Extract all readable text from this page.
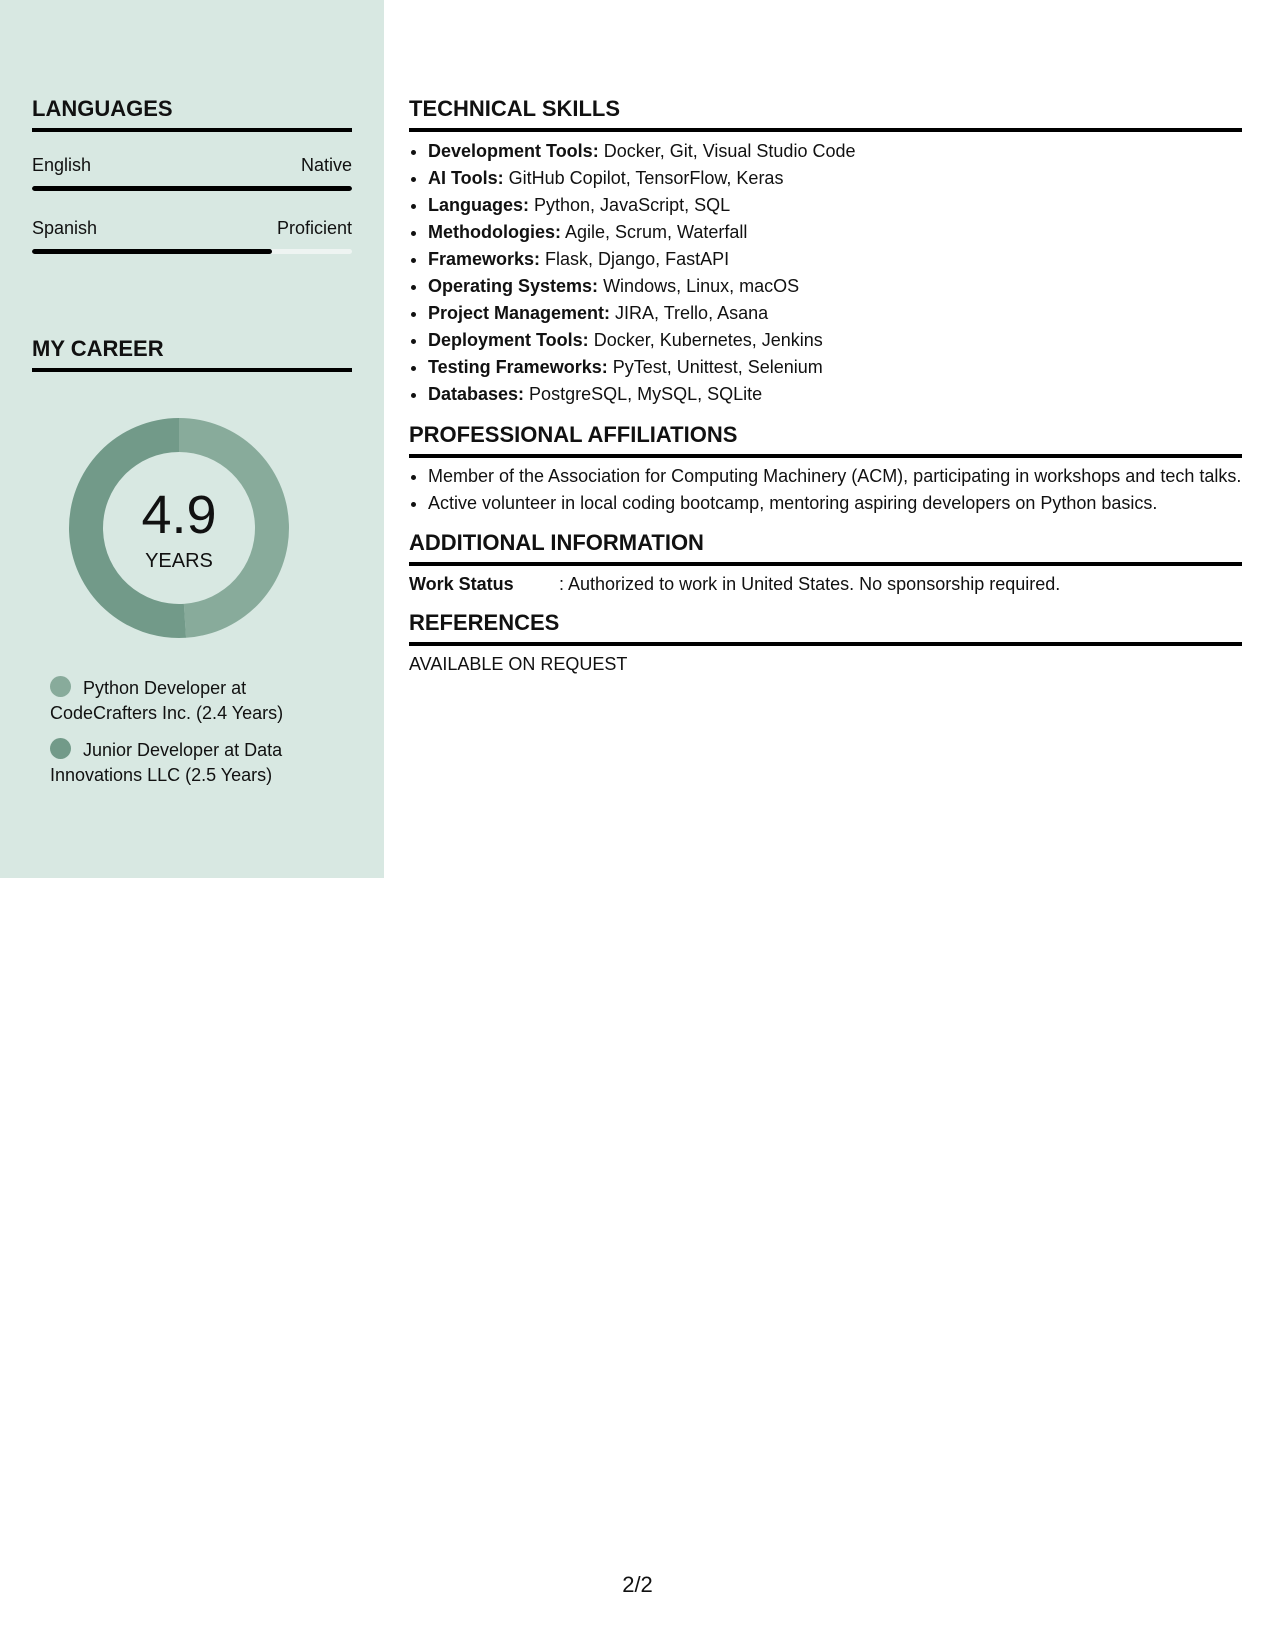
LANGUAGES
English	Native
Spanish	Proficient
MY CAREER
4.9
YEARS
Python Developer at CodeCrafters Inc. (2.4 Years)
Junior Developer at Data Innovations LLC (2.5 Years)
TECHNICAL SKILLS
• Development Tools: Docker, Git, Visual Studio Code
• AI Tools: GitHub Copilot, TensorFlow, Keras
• Languages: Python, JavaScript, SQL
• Methodologies: Agile, Scrum, Waterfall
• Frameworks: Flask, Django, FastAPI
• Operating Systems: Windows, Linux, macOS
• Project Management: JIRA, Trello, Asana
• Deployment Tools: Docker, Kubernetes, Jenkins
• Testing Frameworks: PyTest, Unittest, Selenium
• Databases: PostgreSQL, MySQL, SQLite
PROFESSIONAL AFFILIATIONS
• Member of the Association for Computing Machinery (ACM), participating in workshops and tech talks.
• Active volunteer in local coding bootcamp, mentoring aspiring developers on Python basics.
ADDITIONAL INFORMATION
Work Status	: Authorized to work in United States. No sponsorship required.
REFERENCES
AVAILABLE ON REQUEST
2/2
